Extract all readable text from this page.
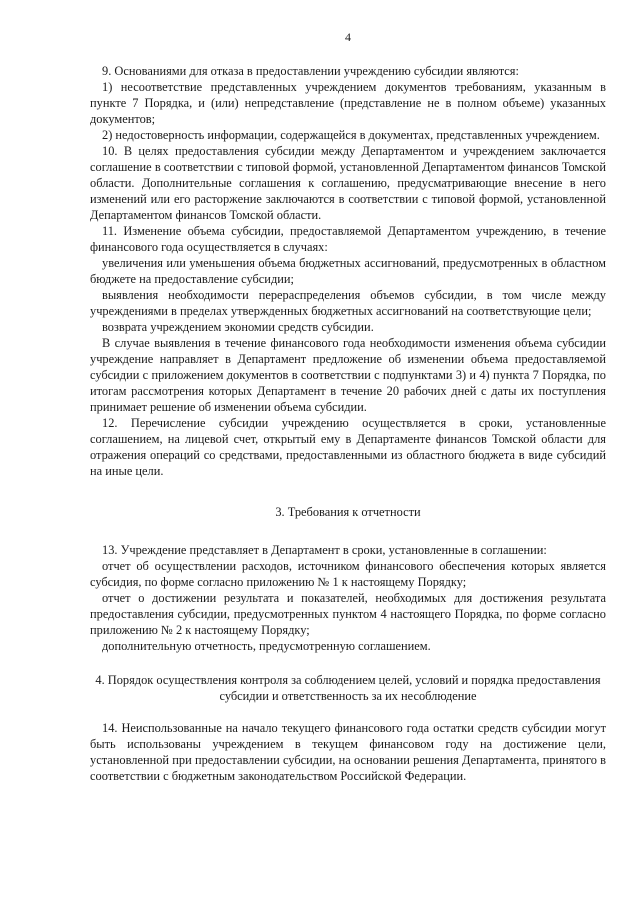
4

9. Основаниями для отказа в предоставлении учреждению субсидии являются:

1) несоответствие представленных учреждением документов требованиям, указанным в пункте 7 Порядка, и (или) непредставление (представление не в полном объеме) указанных документов;

2) недостоверность информации, содержащейся в документах, представленных учреждением.

10. В целях предоставления субсидии между Департаментом и учреждением заключается соглашение в соответствии с типовой формой, установленной Департаментом финансов Томской области. Дополнительные соглашения к соглашению, предусматривающие внесение в него изменений или его расторжение заключаются в соответствии с типовой формой, установленной Департаментом финансов Томской области.

11. Изменение объема субсидии, предоставляемой Департаментом учреждению, в течение финансового года осуществляется в случаях:

увеличения или уменьшения объема бюджетных ассигнований, предусмотренных в областном бюджете на предоставление субсидии;

выявления необходимости перераспределения объемов субсидии, в том числе между учреждениями в пределах утвержденных бюджетных ассигнований на соответствующие цели;

возврата учреждением экономии средств субсидии.

В случае выявления в течение финансового года необходимости изменения объема субсидии учреждение направляет в Департамент предложение об изменении объема предоставляемой субсидии с приложением документов в соответствии с подпунктами 3) и 4) пункта 7 Порядка, по итогам рассмотрения которых Департамент в течение 20 рабочих дней с даты их поступления принимает решение об изменении объема субсидии.

12. Перечисление субсидии учреждению осуществляется в сроки, установленные соглашением, на лицевой счет, открытый ему в Департаменте финансов Томской области для отражения операций со средствами, предоставленными из областного бюджета в виде субсидий на иные цели.

3. Требования к отчетности

13. Учреждение представляет в Департамент в сроки, установленные в соглашении:

отчет об осуществлении расходов, источником финансового обеспечения которых является субсидия, по форме согласно приложению № 1 к настоящему Порядку;

отчет о достижении результата и показателей, необходимых для достижения результата предоставления субсидии, предусмотренных пунктом 4 настоящего Порядка, по форме согласно приложению № 2 к настоящему Порядку;

дополнительную отчетность, предусмотренную соглашением.

4. Порядок осуществления контроля за соблюдением целей, условий и порядка предоставления субсидии и ответственность за их несоблюдение

14. Неиспользованные на начало текущего финансового года остатки средств субсидии могут быть использованы учреждением в текущем финансовом году на достижение цели, установленной при предоставлении субсидии, на основании решения Департамента, принятого в соответствии с бюджетным законодательством Российской Федерации.
